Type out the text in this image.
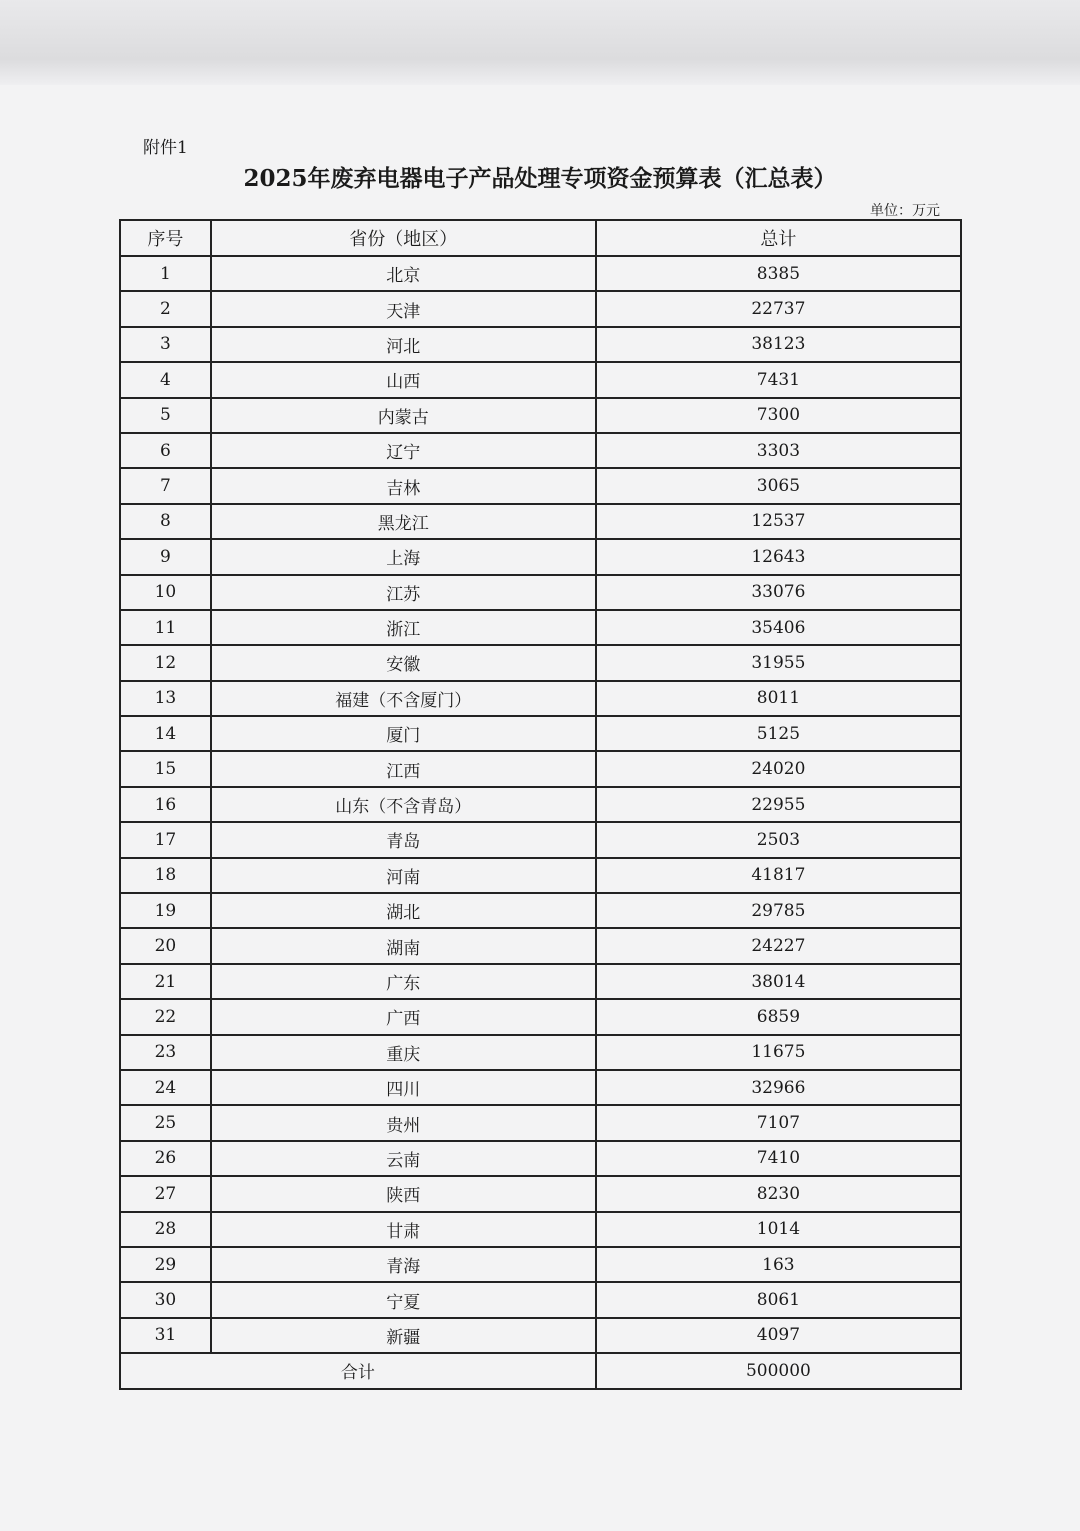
附件1
2025年废弃电器电子产品处理专项资金预算表（汇总表）
单位：万元
序号	省份（地区）	总计
1	北京	8385
2	天津	22737
3	河北	38123
4	山西	7431
5	内蒙古	7300
6	辽宁	3303
7	吉林	3065
8	黑龙江	12537
9	上海	12643
10	江苏	33076
11	浙江	35406
12	安徽	31955
13	福建（不含厦门）	8011
14	厦门	5125
15	江西	24020
16	山东（不含青岛）	22955
17	青岛	2503
18	河南	41817
19	湖北	29785
20	湖南	24227
21	广东	38014
22	广西	6859
23	重庆	11675
24	四川	32966
25	贵州	7107
26	云南	7410
27	陕西	8230
28	甘肃	1014
29	青海	163
30	宁夏	8061
31	新疆	4097
合计		500000
